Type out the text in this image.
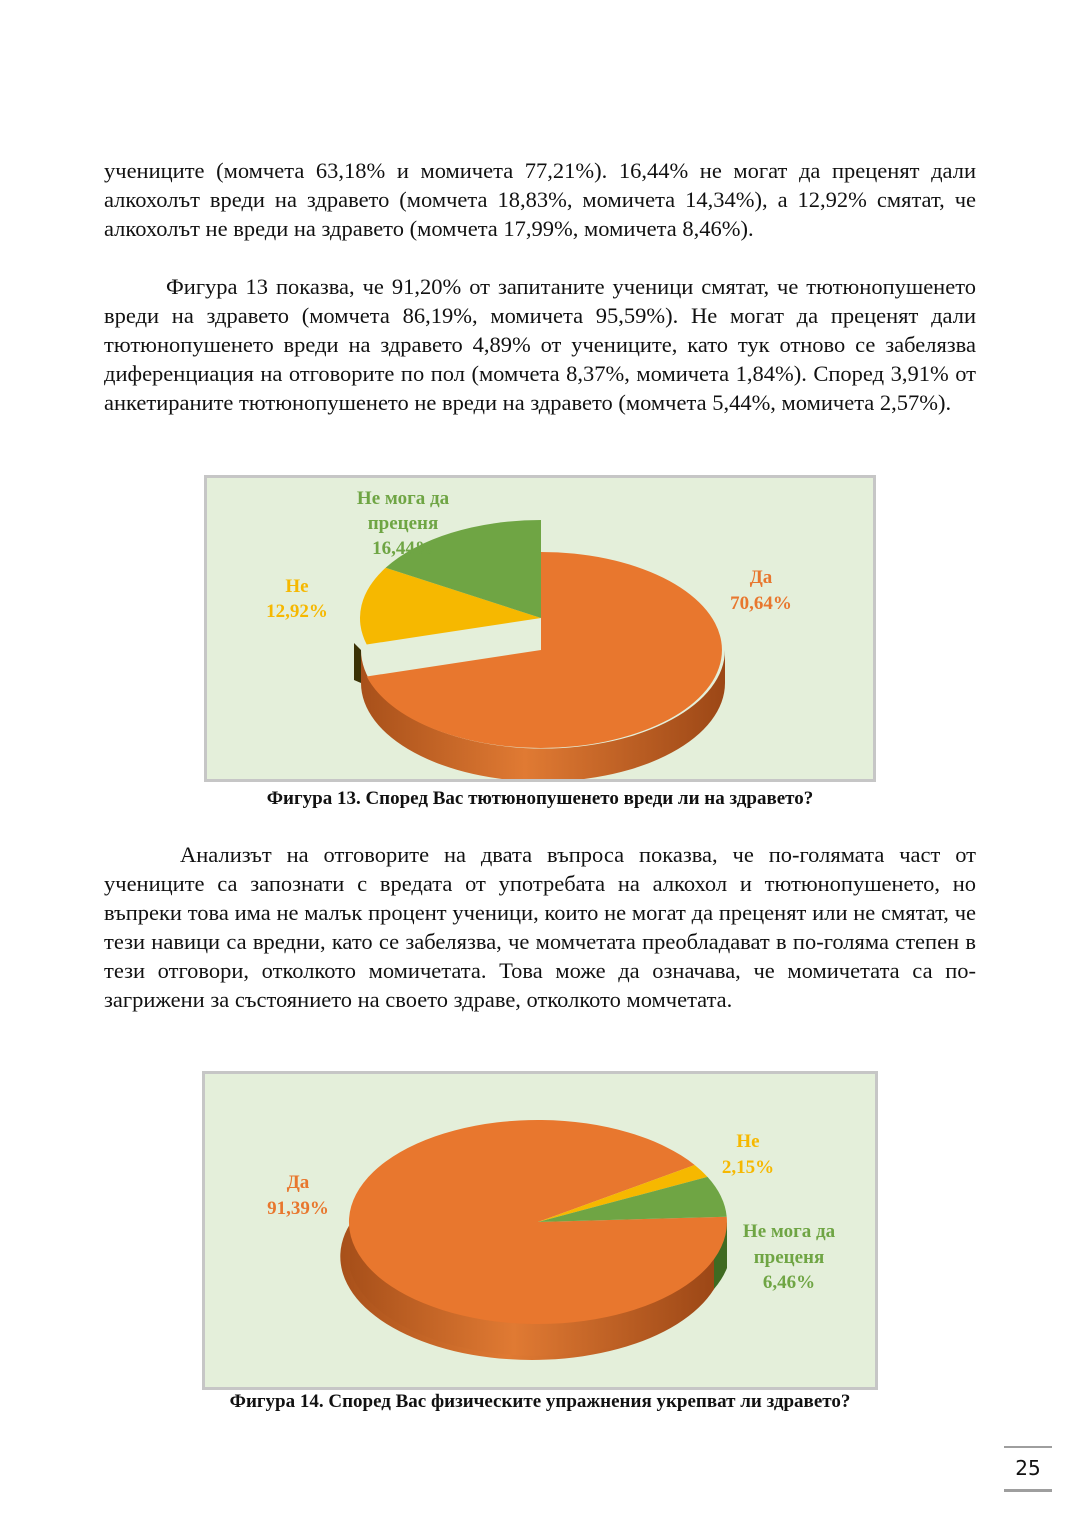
учениците (момчета 63,18% и момичета 77,21%). 16,44% не могат да преценят дали алкохолът вреди на здравето (момчета 18,83%, момичета 14,34%), а 12,92% смятат, че алкохолът не вреди на здравето (момчета 17,99%, момичета 8,46%).

Фигура 13 показва, че 91,20% от запитаните ученици смятат, че тютюнопушенето вреди на здравето (момчета 86,19%, момичета 95,59%). Не могат да преценят дали тютюнопушенето вреди на здравето 4,89% от учениците, като тук отново се забелязва диференциация на отговорите по пол (момчета 8,37%, момичета 1,84%). Според 3,91% от анкетираните тютюнопушенето не вреди на здравето (момчета 5,44%, момичета 2,57%).

Не мога да
преценя
16,44%
Не
12,92%
Да
70,64%

Фигура 13. Според Вас тютюнопушенето вреди ли на здравето?

Анализът на отговорите на двата въпроса показва, че по-голямата част от учениците са запознати с вредата от употребата на алкохол и тютюнопушенето, но въпреки това има не малък процент ученици, които не могат да преценят или не смятат, че тези навици са вредни, като се забелязва, че момчетата преобладават в по-голяма степен в тези отговори, отколкото момичетата. Това може да означава, че момичетата са по-загрижени за състоянието на своето здраве, отколкото момчетата.

Да
91,39%
Не
2,15%
Не мога да
преценя
6,46%

Фигура 14. Според Вас физическите упражнения укрепват ли здравето?

25
